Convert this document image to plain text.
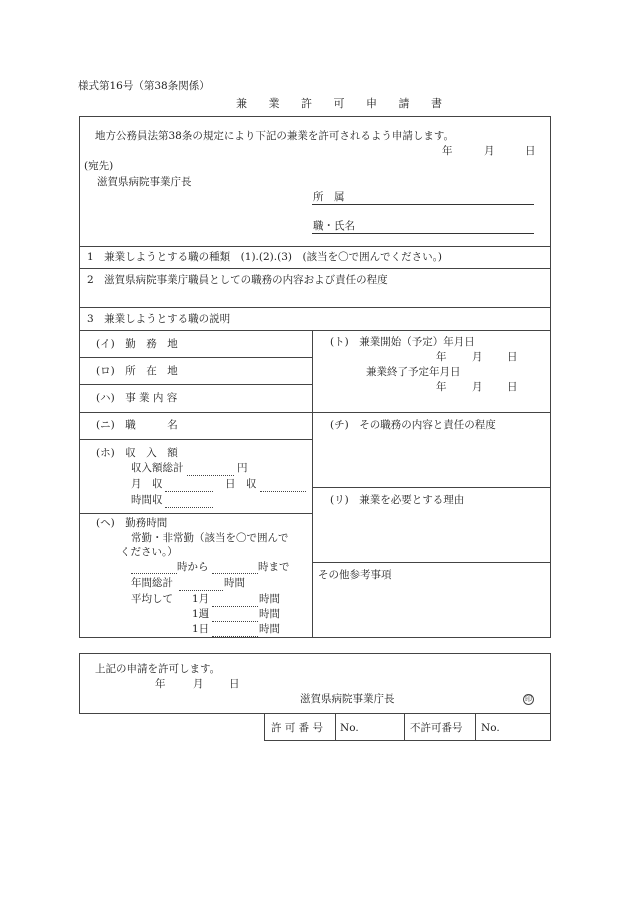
様式第16号（第38条関係）
兼 業 許 可 申 請 書
地方公務員法第38条の規定により下記の兼業を許可されるよう申請します。
年	月	日
(宛先)
滋賀県病院事業庁長
所　属
職・氏名
1　兼業しようとする職の種類　(1).(2).(3)　(該当を〇で囲んでください。)
2　滋賀県病院事業庁職員としての職務の内容および責任の程度
3　兼業しようとする職の説明
(イ)　勤　務　地
(ロ)　所　在　地
(ハ)　事 業 内 容
(ニ)　職　　　名
(ホ)　収　入　額
収入額総計	円
月　収	日　収
時間収
(ヘ)　勤務時間
常勤・非常勤（該当を〇で囲んで
ください。）
時から	時まで
年間総計	時間
平均して 1月	時間
1週	時間
1日	時間
(ト)　兼業開始（予定）年月日
年 月 日
兼業終了予定年月日
年 月 日
(チ)　その職務の内容と責任の程度
(リ)　兼業を必要とする理由
その他参考事項
上記の申請を許可します。
年	月 日
滋賀県病院事業庁長	印
許 可 番 号 No.	不許可番号 No.
